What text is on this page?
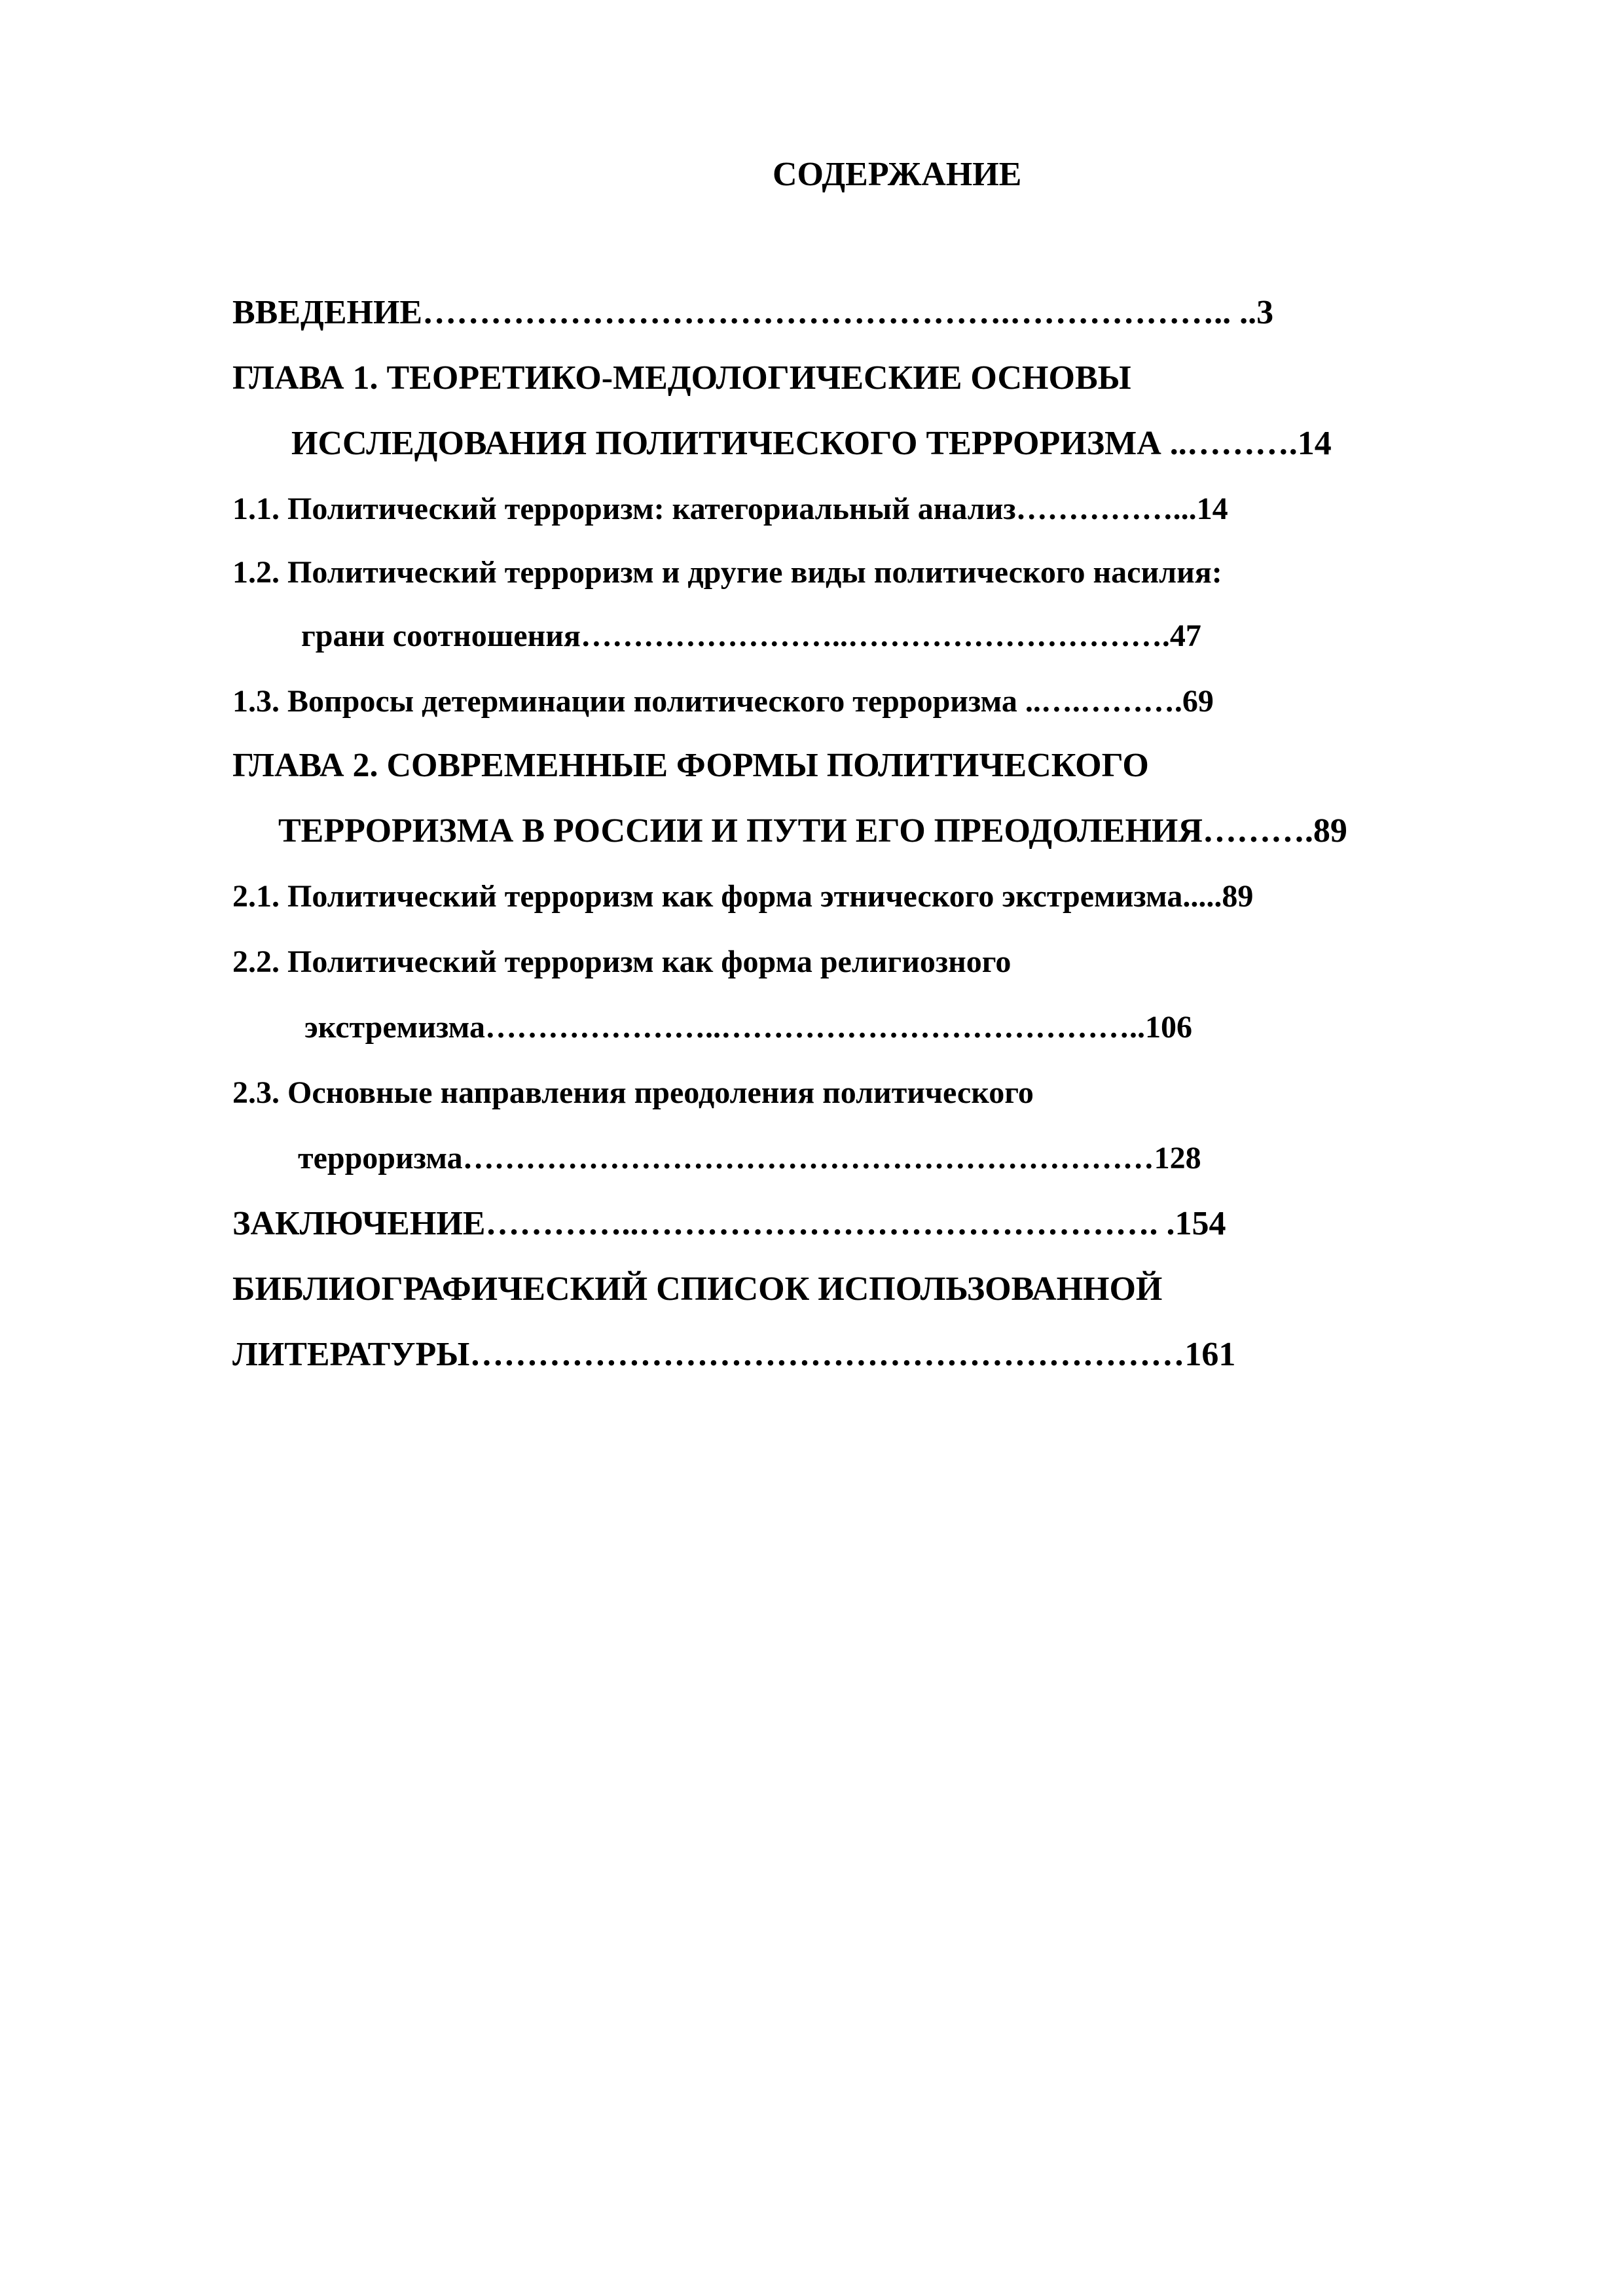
СОДЕРЖАНИЕ
ВВЕДЕНИЕ…………………………………………….……………….. ..3
ГЛАВА 1. ТЕОРЕТИКО-МЕДОЛОГИЧЕСКИЕ ОСНОВЫ
ИССЛЕДОВАНИЯ ПОЛИТИЧЕСКОГО ТЕРРОРИЗМА ..……….14
1.1. Политический терроризм: категориальный анализ……………...14
1.2. Политический терроризм и другие виды политического насилия:
грани соотношения……………………..………………………….47
1.3. Вопросы детерминации политического терроризма ..….……….69
ГЛАВА 2. СОВРЕМЕННЫЕ ФОРМЫ ПОЛИТИЧЕСКОГО
ТЕРРОРИЗМА В РОССИИ И ПУТИ ЕГО ПРЕОДОЛЕНИЯ……….89
2.1. Политический терроризм как форма этнического экстремизма.....89
2.2. Политический терроризм как форма религиозного
экстремизма…………………..…………………………………..106
2.3. Основные направления преодоления политического
терроризма…………………………………………………………128
ЗАКЛЮЧЕНИЕ…………..………………………………………. .154
БИБЛИОГРАФИЧЕСКИЙ СПИСОК ИСПОЛЬЗОВАННОЙ
ЛИТЕРАТУРЫ………………………………………………………161
